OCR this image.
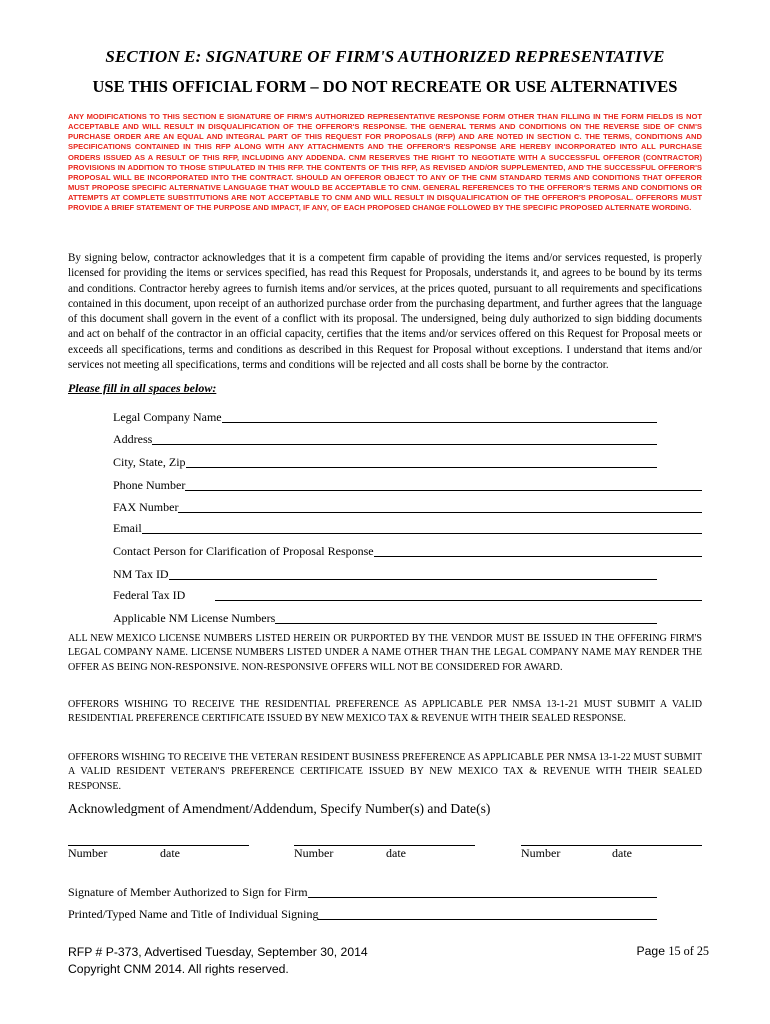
SECTION E: SIGNATURE OF FIRM'S AUTHORIZED REPRESENTATIVE
USE THIS OFFICIAL FORM – DO NOT RECREATE OR USE ALTERNATIVES
ANY MODIFICATIONS TO THIS SECTION E SIGNATURE OF FIRM'S AUTHORIZED REPRESENTATIVE RESPONSE FORM OTHER THAN FILLING IN THE FORM FIELDS IS NOT ACCEPTABLE AND WILL RESULT IN DISQUALIFICATION OF THE OFFEROR'S RESPONSE. THE GENERAL TERMS AND CONDITIONS ON THE REVERSE SIDE OF CNM'S PURCHASE ORDER ARE AN EQUAL AND INTEGRAL PART OF THIS REQUEST FOR PROPOSALS (RFP) AND ARE NOTED IN SECTION C. THE TERMS, CONDITIONS AND SPECIFICATIONS CONTAINED IN THIS RFP ALONG WITH ANY ATTACHMENTS AND THE OFFEROR'S RESPONSE ARE HEREBY INCORPORATED INTO ALL PURCHASE ORDERS ISSUED AS A RESULT OF THIS RFP, INCLUDING ANY ADDENDA. CNM RESERVES THE RIGHT TO NEGOTIATE WITH A SUCCESSFUL OFFEROR (CONTRACTOR) PROVISIONS IN ADDITION TO THOSE STIPULATED IN THIS RFP. THE CONTENTS OF THIS RFP, AS REVISED AND/OR SUPPLEMENTED, AND THE SUCCESSFUL OFFEROR'S PROPOSAL WILL BE INCORPORATED INTO THE CONTRACT. SHOULD AN OFFEROR OBJECT TO ANY OF THE CNM STANDARD TERMS AND CONDITIONS THAT OFFEROR MUST PROPOSE SPECIFIC ALTERNATIVE LANGUAGE THAT WOULD BE ACCEPTABLE TO CNM. GENERAL REFERENCES TO THE OFFEROR'S TERMS AND CONDITIONS OR ATTEMPTS AT COMPLETE SUBSTITUTIONS ARE NOT ACCEPTABLE TO CNM AND WILL RESULT IN DISQUALIFICATION OF THE OFFEROR'S PROPOSAL. OFFERORS MUST PROVIDE A BRIEF STATEMENT OF THE PURPOSE AND IMPACT, IF ANY, OF EACH PROPOSED CHANGE FOLLOWED BY THE SPECIFIC PROPOSED ALTERNATE WORDING.
By signing below, contractor acknowledges that it is a competent firm capable of providing the items and/or services requested, is properly licensed for providing the items or services specified, has read this Request for Proposals, understands it, and agrees to be bound by its terms and conditions. Contractor hereby agrees to furnish items and/or services, at the prices quoted, pursuant to all requirements and specifications contained in this document, upon receipt of an authorized purchase order from the purchasing department, and further agrees that the language of this document shall govern in the event of a conflict with its proposal. The undersigned, being duly authorized to sign bidding documents and act on behalf of the contractor in an official capacity, certifies that the items and/or services offered on this Request for Proposal meets or exceeds all specifications, terms and conditions as described in this Request for Proposal without exceptions. I understand that items and/or services not meeting all specifications, terms and conditions will be rejected and all costs shall be borne by the contractor.
Please fill in all spaces below:
Legal Company Name
Address
City, State, Zip
Phone Number
FAX Number
Email
Contact Person for Clarification of Proposal Response
NM Tax ID
Federal Tax ID
Applicable NM License Numbers
ALL NEW MEXICO LICENSE NUMBERS LISTED HEREIN OR PURPORTED BY THE VENDOR MUST BE ISSUED IN THE OFFERING FIRM'S LEGAL COMPANY NAME. LICENSE NUMBERS LISTED UNDER A NAME OTHER THAN THE LEGAL COMPANY NAME MAY RENDER THE OFFER AS BEING NON-RESPONSIVE. NON-RESPONSIVE OFFERS WILL NOT BE CONSIDERED FOR AWARD.
OFFERORS WISHING TO RECEIVE THE RESIDENTIAL PREFERENCE AS APPLICABLE PER NMSA 13-1-21 MUST SUBMIT A VALID RESIDENTIAL PREFERENCE CERTIFICATE ISSUED BY NEW MEXICO TAX & REVENUE WITH THEIR SEALED RESPONSE.
OFFERORS WISHING TO RECEIVE THE VETERAN RESIDENT BUSINESS PREFERENCE AS APPLICABLE PER NMSA 13-1-22 MUST SUBMIT A VALID RESIDENT VETERAN'S PREFERENCE CERTIFICATE ISSUED BY NEW MEXICO TAX & REVENUE WITH THEIR SEALED RESPONSE.
Acknowledgment of Amendment/Addendum, Specify Number(s) and Date(s)
Number	date	Number	date	Number	date
Signature of Member Authorized to Sign for Firm
Printed/Typed Name and Title of Individual Signing
RFP # P-373, Advertised Tuesday, September 30, 2014
Copyright CNM 2014. All rights reserved.
Page 15 of 25
